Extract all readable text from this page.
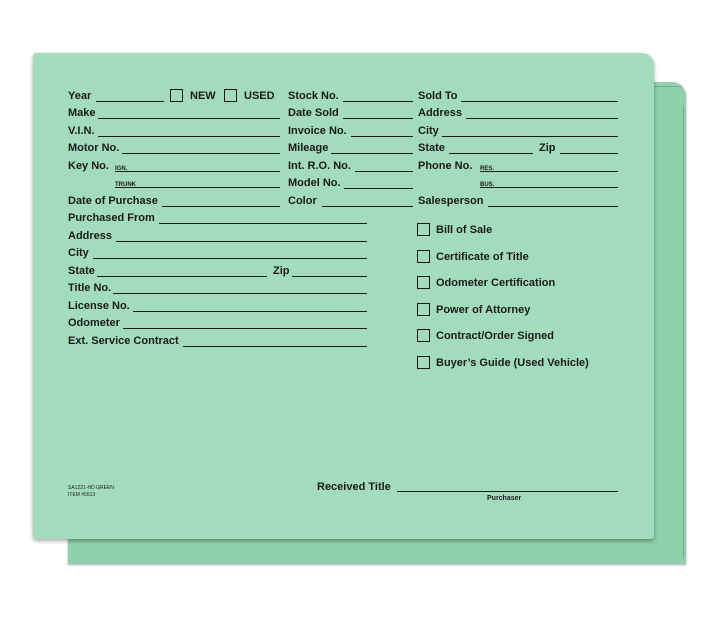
Year	NEW	USED
Make
V.I.N.
Motor No.
Key No. IGN.
TRUNK
Date of Purchase
Purchased From
Address
City
State	Zip
Title No.
License No.
Odometer
Ext. Service Contract
Stock No.
Date Sold
Invoice No.
Mileage
Int. R.O. No.
Model No.
Color
Sold To
Address
City
State	Zip
Phone No. RES.
BUS.
Salesperson
Bill of Sale
Certificate of Title
Odometer Certification
Power of Attorney
Contract/Order Signed
Buyer’s Guide (Used Vehicle)
SA1221-HD GREEN
ITEM #5513
Received Title
Purchaser
